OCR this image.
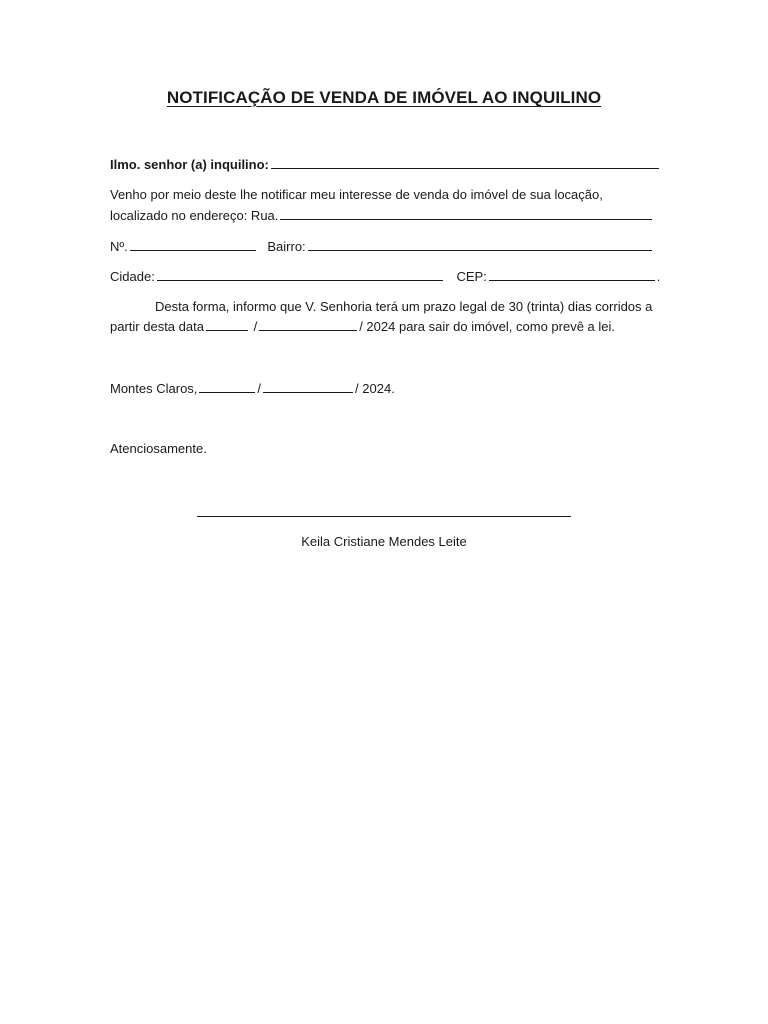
NOTIFICAÇÃO DE VENDA DE IMÓVEL AO INQUILINO
Ilmo. senhor (a) inquilino:
Venho por meio deste lhe notificar meu interesse de venda do imóvel de sua locação,
localizado no endereço: Rua.
Nº.	Bairro:
Cidade:	CEP:	.
Desta forma, informo que V. Senhoria terá um prazo legal de 30 (trinta) dias corridos a
partir desta data	/	/ 2024 para sair do imóvel, como prevê a lei.
Montes Claros,	/	/ 2024.
Atenciosamente.
Keila Cristiane Mendes Leite
